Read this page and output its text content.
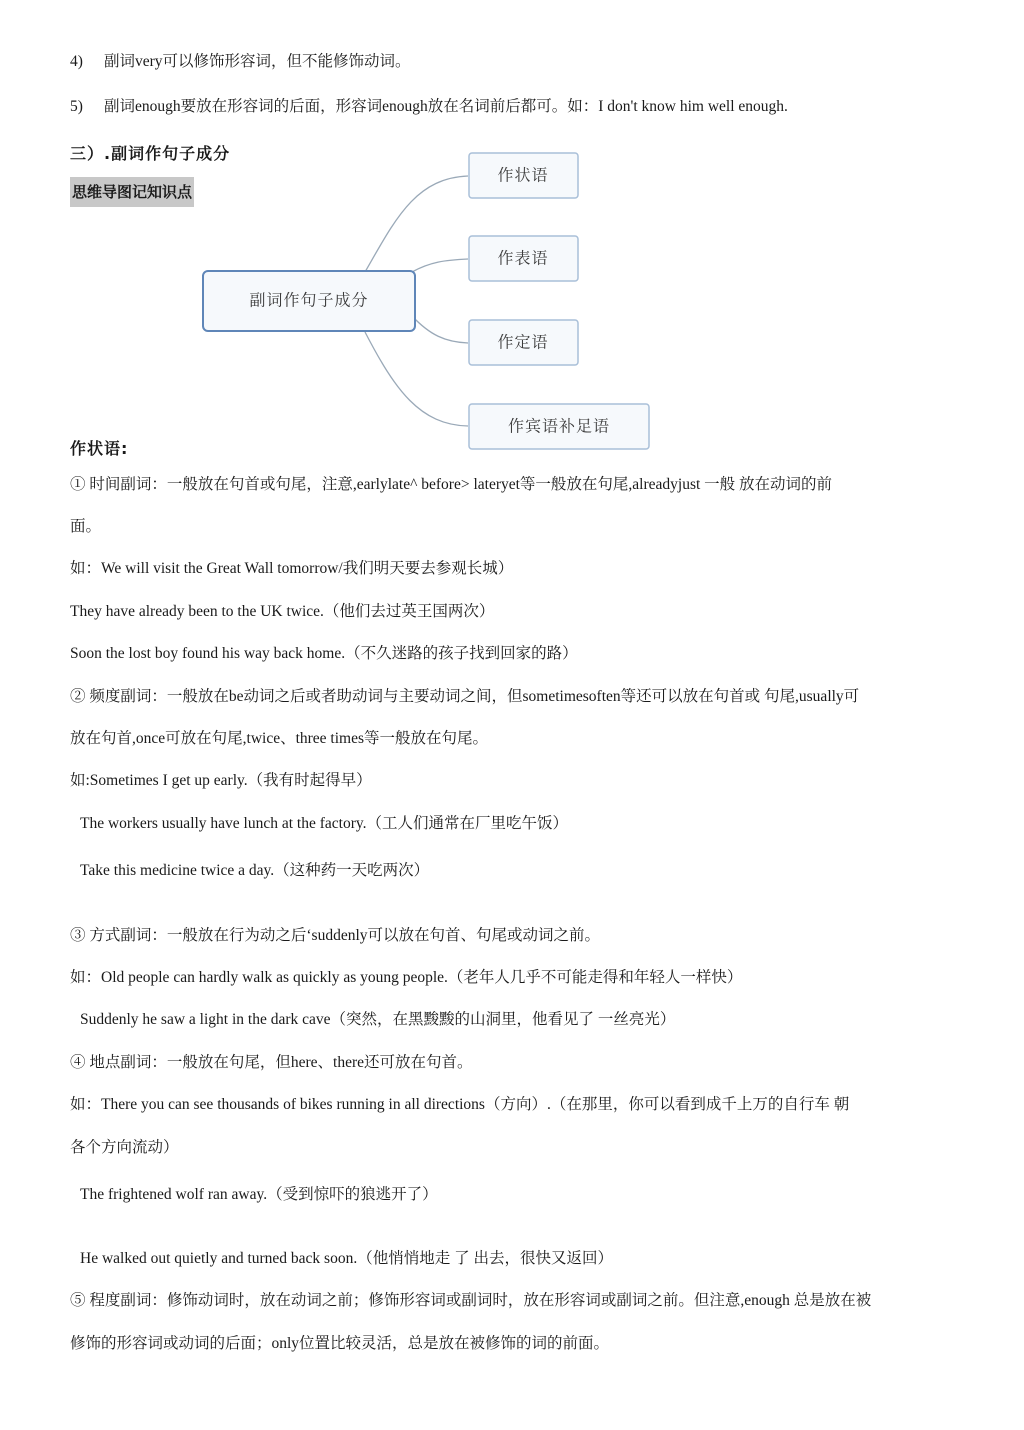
4) 副词very可以修饰形容词，但不能修饰动词。
5) 副词enough要放在形容词的后面，形容词enough放在名词前后都可。如：I don't know him well enough.
三）.副词作句子成分
思维导图记知识点
副词作句子成分
作状语
作表语
作定语
作宾语补足语
作状语:
① 时间副词：一般放在句首或句尾，注意,earlylate^ before> lateryet等一般放在句尾,alreadyjust 一般 放在动词的前
面。
如：We will visit the Great Wall tomorrow/我们明天要去参观长城）
They have already been to the UK twice.（他们去过英王国两次）
Soon the lost boy found his way back home.（不久迷路的孩子找到回家的路）
② 频度副词：一般放在be动词之后或者助动词与主要动词之间，但sometimesoften等还可以放在句首或 句尾,usually可
放在句首,once可放在句尾,twice、three times等一般放在句尾。
如:Sometimes I get up early.（我有时起得早）
The workers usually have lunch at the factory.（工人们通常在厂里吃午饭）
Take this medicine twice a day.（这种药一天吃两次）
③ 方式副词：一般放在行为动之后‘suddenly可以放在句首、句尾或动词之前。
如：Old people can hardly walk as quickly as young people.（老年人几乎不可能走得和年轻人一样快）
Suddenly he saw a light in the dark cave（突然，在黑黢黢的山洞里，他看见了 一丝亮光）
④ 地点副词：一般放在句尾，但here、there还可放在句首。
如：There you can see thousands of bikes running in all directions（方向）.（在那里，你可以看到成千上万的自行车 朝
各个方向流动）
The frightened wolf ran away.（受到惊吓的狼逃开了）
He walked out quietly and turned back soon.（他悄悄地走 了 出去，很快又返回）
⑤ 程度副词：修饰动词时，放在动词之前；修饰形容词或副词时，放在形容词或副词之前。但注意,enough 总是放在被
修饰的形容词或动词的后面；only位置比较灵活，总是放在被修饰的词的前面。
